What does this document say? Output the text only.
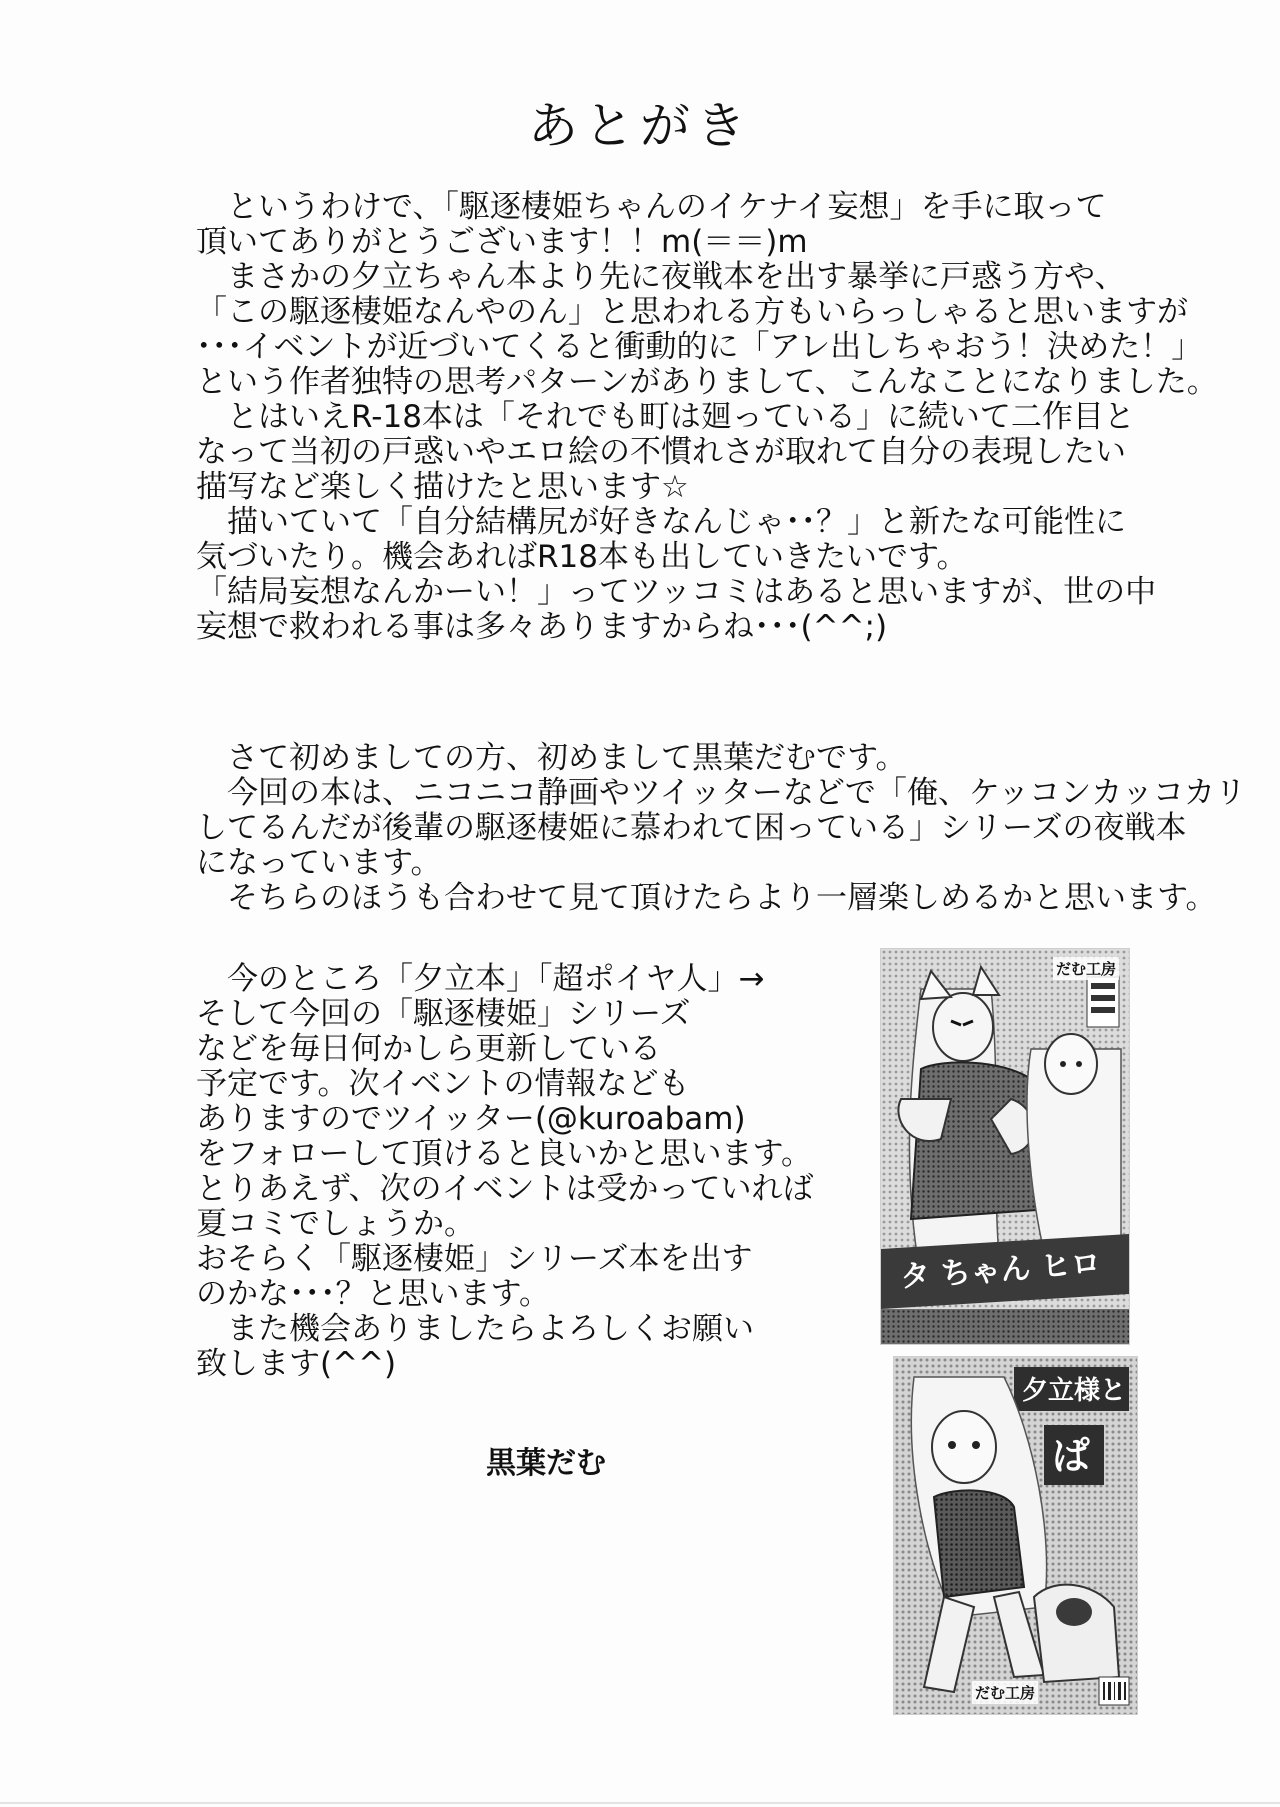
あとがき
　というわけで、「駆逐棲姫ちゃんのイケナイ妄想」を手に取って
頂いてありがとうございます！！m(＝＝)m
　まさかの夕立ちゃん本より先に夜戦本を出す暴挙に戸惑う方や、
「この駆逐棲姫なんやのん」と思われる方もいらっしゃると思いますが
･･･イベントが近づいてくると衝動的に「アレ出しちゃおう！決めた！」
という作者独特の思考パターンがありまして、こんなことになりました。
　とはいえR-18本は「それでも町は廻っている」に続いて二作目と
なって当初の戸惑いやエロ絵の不慣れさが取れて自分の表現したい
描写など楽しく描けたと思います☆
　描いていて「自分結構尻が好きなんじゃ･･？」と新たな可能性に
気づいたり。機会あればR18本も出していきたいです。
「結局妄想なんかーい！」ってツッコミはあると思いますが、世の中
妄想で救われる事は多々ありますからね･･･(^^;)
　さて初めましての方、初めまして黒葉だむです。
　今回の本は、ニコニコ静画やツイッターなどで「俺、ケッコンカッコカリ
してるんだが後輩の駆逐棲姫に慕われて困っている」シリーズの夜戦本
になっています。
　そちらのほうも合わせて見て頂けたらより一層楽しめるかと思います。
　今のところ「夕立本」「超ポイヤ人」→
そして今回の「駆逐棲姫」シリーズ
などを毎日何かしら更新している
予定です。次イベントの情報なども
ありますのでツイッター(@kuroabam)
をフォローして頂けると良いかと思います。
とりあえず、次のイベントは受かっていれば
夏コミでしょうか。
おそらく「駆逐棲姫」シリーズ本を出す
のかな･･･？と思います。
　また機会ありましたらよろしくお願い
致します(^^)
黒葉だむ
タ ちゃん ヒロ
だむ工房
夕立様と
ぱ
だむ工房
